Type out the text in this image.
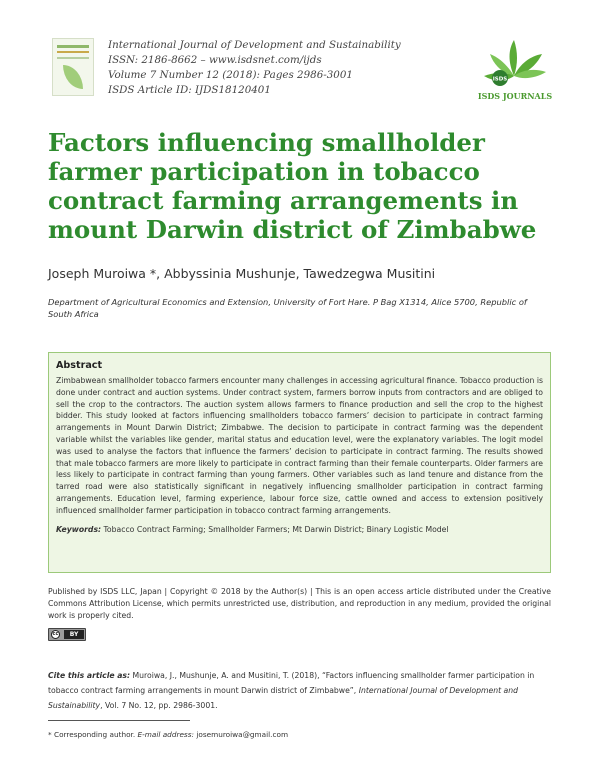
International Journal of Development and Sustainability
ISSN: 2186-8662 – www.isdsnet.com/ijds
Volume 7 Number 12 (2018): Pages 2986-3001
ISDS Article ID: IJDS18120401
ISDS
ISDS JOURNALS
Factors influencing smallholder farmer participation in tobacco contract farming arrangements in mount Darwin district of Zimbabwe
Joseph Muroiwa *, Abbyssinia Mushunje, Tawedzegwa Musitini
Department of Agricultural Economics and Extension, University of Fort Hare. P Bag X1314, Alice 5700, Republic of South Africa
Abstract
Zimbabwean smallholder tobacco farmers encounter many challenges in accessing agricultural finance. Tobacco production is done under contract and auction systems. Under contract system, farmers borrow inputs from contractors and are obliged to sell the crop to the contractors. The auction system allows farmers to finance production and sell the crop to the highest bidder. This study looked at factors influencing smallholders tobacco farmers’ decision to participate in contract farming arrangements in Mount Darwin District; Zimbabwe. The decision to participate in contract farming was the dependent variable whilst the variables like gender, marital status and education level, were the explanatory variables. The logit model was used to analyse the factors that influence the farmers’ decision to participate in contract farming. The results showed that male tobacco farmers are more likely to participate in contract farming than their female counterparts. Older farmers are less likely to participate in contract farming than young farmers. Other variables such as land tenure and distance from the tarred road were also statistically significant in negatively influencing smallholder participation in contract farming arrangements. Education level, farming experience, labour force size, cattle owned and access to extension positively influenced smallholder farmer participation in tobacco contract farming arrangements.
Keywords: Tobacco Contract Farming; Smallholder Farmers; Mt Darwin District; Binary Logistic Model
Published by ISDS LLC, Japan | Copyright © 2018 by the Author(s) | This is an open access article distributed under the Creative Commons Attribution License, which permits unrestricted use, distribution, and reproduction in any medium, provided the original work is properly cited.
cc	BY
Cite this article as: Muroiwa, J., Mushunje, A. and Musitini, T. (2018), “Factors influencing smallholder farmer participation in tobacco contract farming arrangements in mount Darwin district of Zimbabwe”, International Journal of Development and Sustainability, Vol. 7 No. 12, pp. 2986-3001.
* Corresponding author. E-mail address: josemuroiwa@gmail.com
